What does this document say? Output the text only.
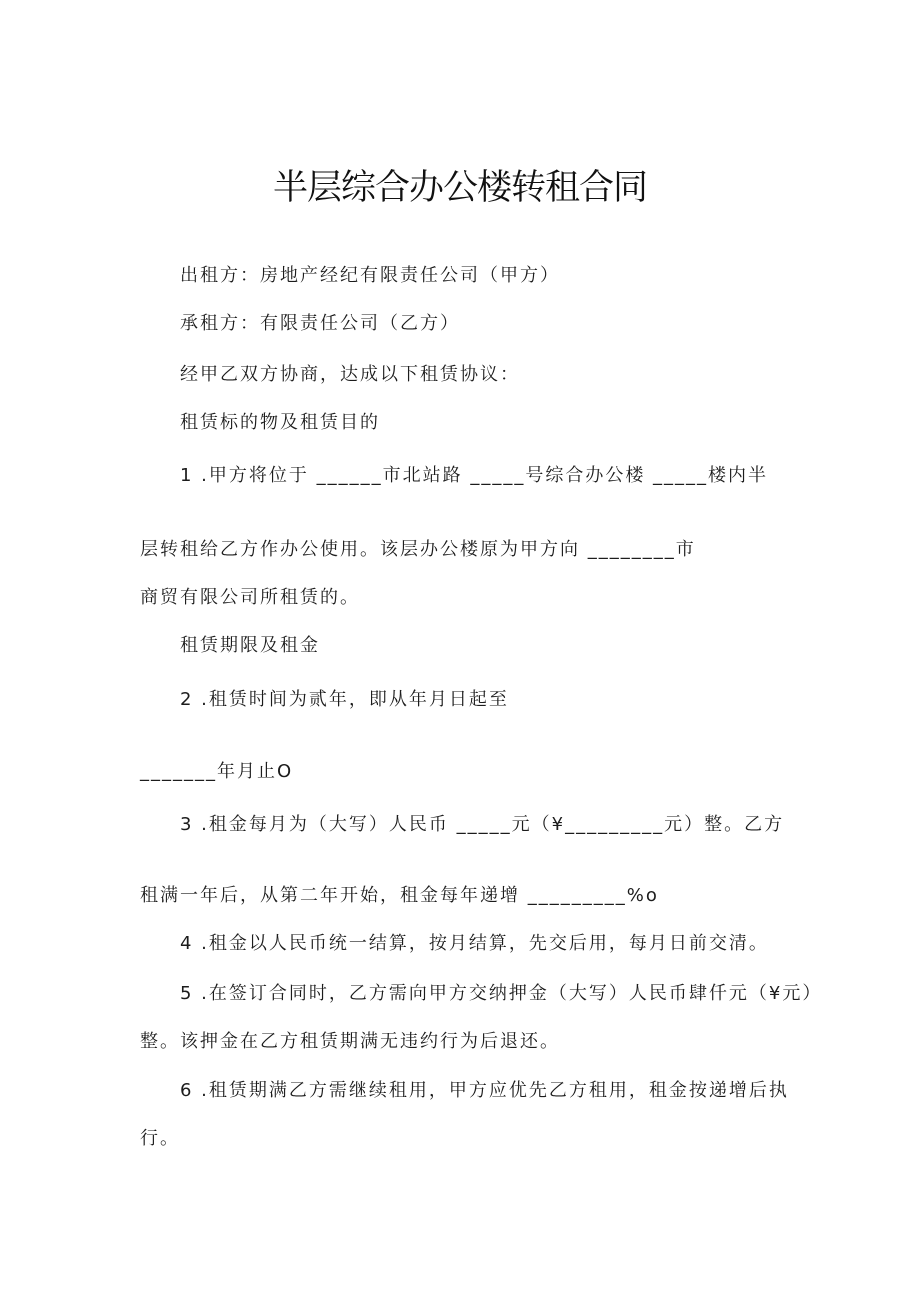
半层综合办公楼转租合同
出租方：房地产经纪有限责任公司（甲方）
承租方：有限责任公司（乙方）
经甲乙双方协商，达成以下租赁协议：
租赁标的物及租赁目的
1 .甲方将位于 ______市北站路 _____号综合办公楼 _____楼内半
层转租给乙方作办公使用。该层办公楼原为甲方向 ________市
商贸有限公司所租赁的。
租赁期限及租金
2 .租赁时间为贰年，即从年月日起至
_______年月止O
3 .租金每月为（大写）人民币 _____元（¥_________元）整。乙方
租满一年后，从第二年开始，租金每年递增 _________%o
4 .租金以人民币统一结算，按月结算，先交后用，每月日前交清。
5 .在签订合同时，乙方需向甲方交纳押金（大写）人民币肆仟元（¥元）
整。该押金在乙方租赁期满无违约行为后退还。
6 .租赁期满乙方需继续租用，甲方应优先乙方租用，租金按递增后执
行。
